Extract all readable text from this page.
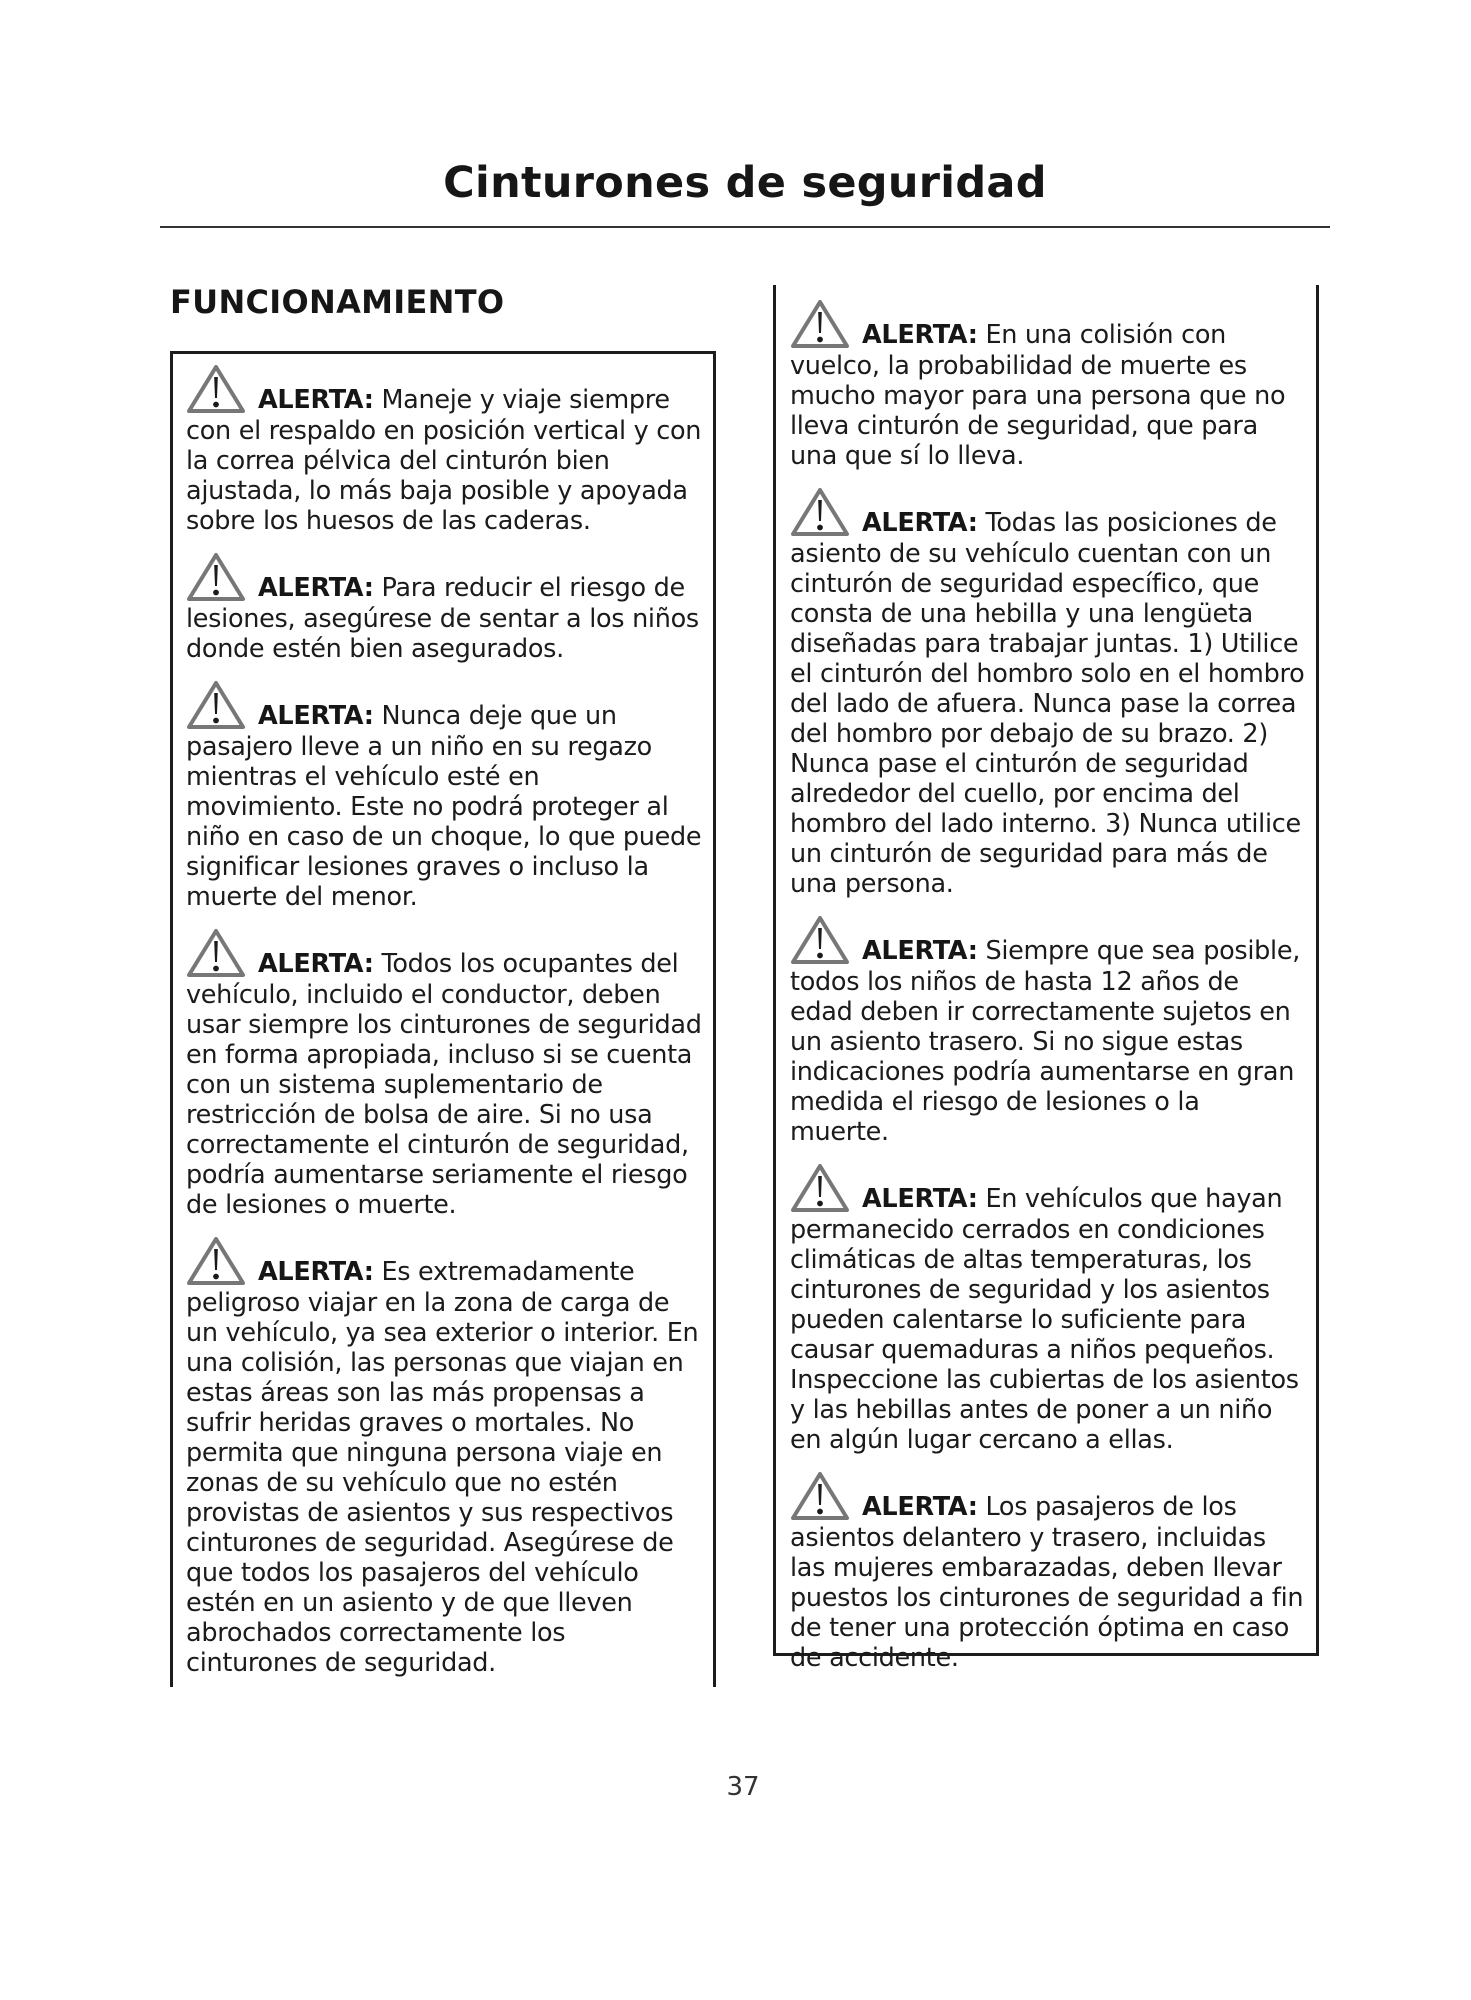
Cinturones de seguridad
FUNCIONAMIENTO

ALERTA: Maneje y viaje siempre con el respaldo en posición vertical y con la correa pélvica del cinturón bien ajustada, lo más baja posible y apoyada sobre los huesos de las caderas.

ALERTA: Para reducir el riesgo de lesiones, asegúrese de sentar a los niños donde estén bien asegurados.

ALERTA: Nunca deje que un pasajero lleve a un niño en su regazo mientras el vehículo esté en movimiento. Este no podrá proteger al niño en caso de un choque, lo que puede significar lesiones graves o incluso la muerte del menor.

ALERTA: Todos los ocupantes del vehículo, incluido el conductor, deben usar siempre los cinturones de seguridad en forma apropiada, incluso si se cuenta con un sistema suplementario de restricción de bolsa de aire. Si no usa correctamente el cinturón de seguridad, podría aumentarse seriamente el riesgo de lesiones o muerte.

ALERTA: Es extremadamente peligroso viajar en la zona de carga de un vehículo, ya sea exterior o interior. En una colisión, las personas que viajan en estas áreas son las más propensas a sufrir heridas graves o mortales. No permita que ninguna persona viaje en zonas de su vehículo que no estén provistas de asientos y sus respectivos cinturones de seguridad. Asegúrese de que todos los pasajeros del vehículo estén en un asiento y de que lleven abrochados correctamente los cinturones de seguridad.

ALERTA: En una colisión con vuelco, la probabilidad de muerte es mucho mayor para una persona que no lleva cinturón de seguridad, que para una que sí lo lleva.

ALERTA: Todas las posiciones de asiento de su vehículo cuentan con un cinturón de seguridad específico, que consta de una hebilla y una lengüeta diseñadas para trabajar juntas. 1) Utilice el cinturón del hombro solo en el hombro del lado de afuera. Nunca pase la correa del hombro por debajo de su brazo. 2) Nunca pase el cinturón de seguridad alrededor del cuello, por encima del hombro del lado interno. 3) Nunca utilice un cinturón de seguridad para más de una persona.

ALERTA: Siempre que sea posible, todos los niños de hasta 12 años de edad deben ir correctamente sujetos en un asiento trasero. Si no sigue estas indicaciones podría aumentarse en gran medida el riesgo de lesiones o la muerte.

ALERTA: En vehículos que hayan permanecido cerrados en condiciones climáticas de altas temperaturas, los cinturones de seguridad y los asientos pueden calentarse lo suficiente para causar quemaduras a niños pequeños. Inspeccione las cubiertas de los asientos y las hebillas antes de poner a un niño en algún lugar cercano a ellas.

ALERTA: Los pasajeros de los asientos delantero y trasero, incluidas las mujeres embarazadas, deben llevar puestos los cinturones de seguridad a fin de tener una protección óptima en caso de accidente.

37
